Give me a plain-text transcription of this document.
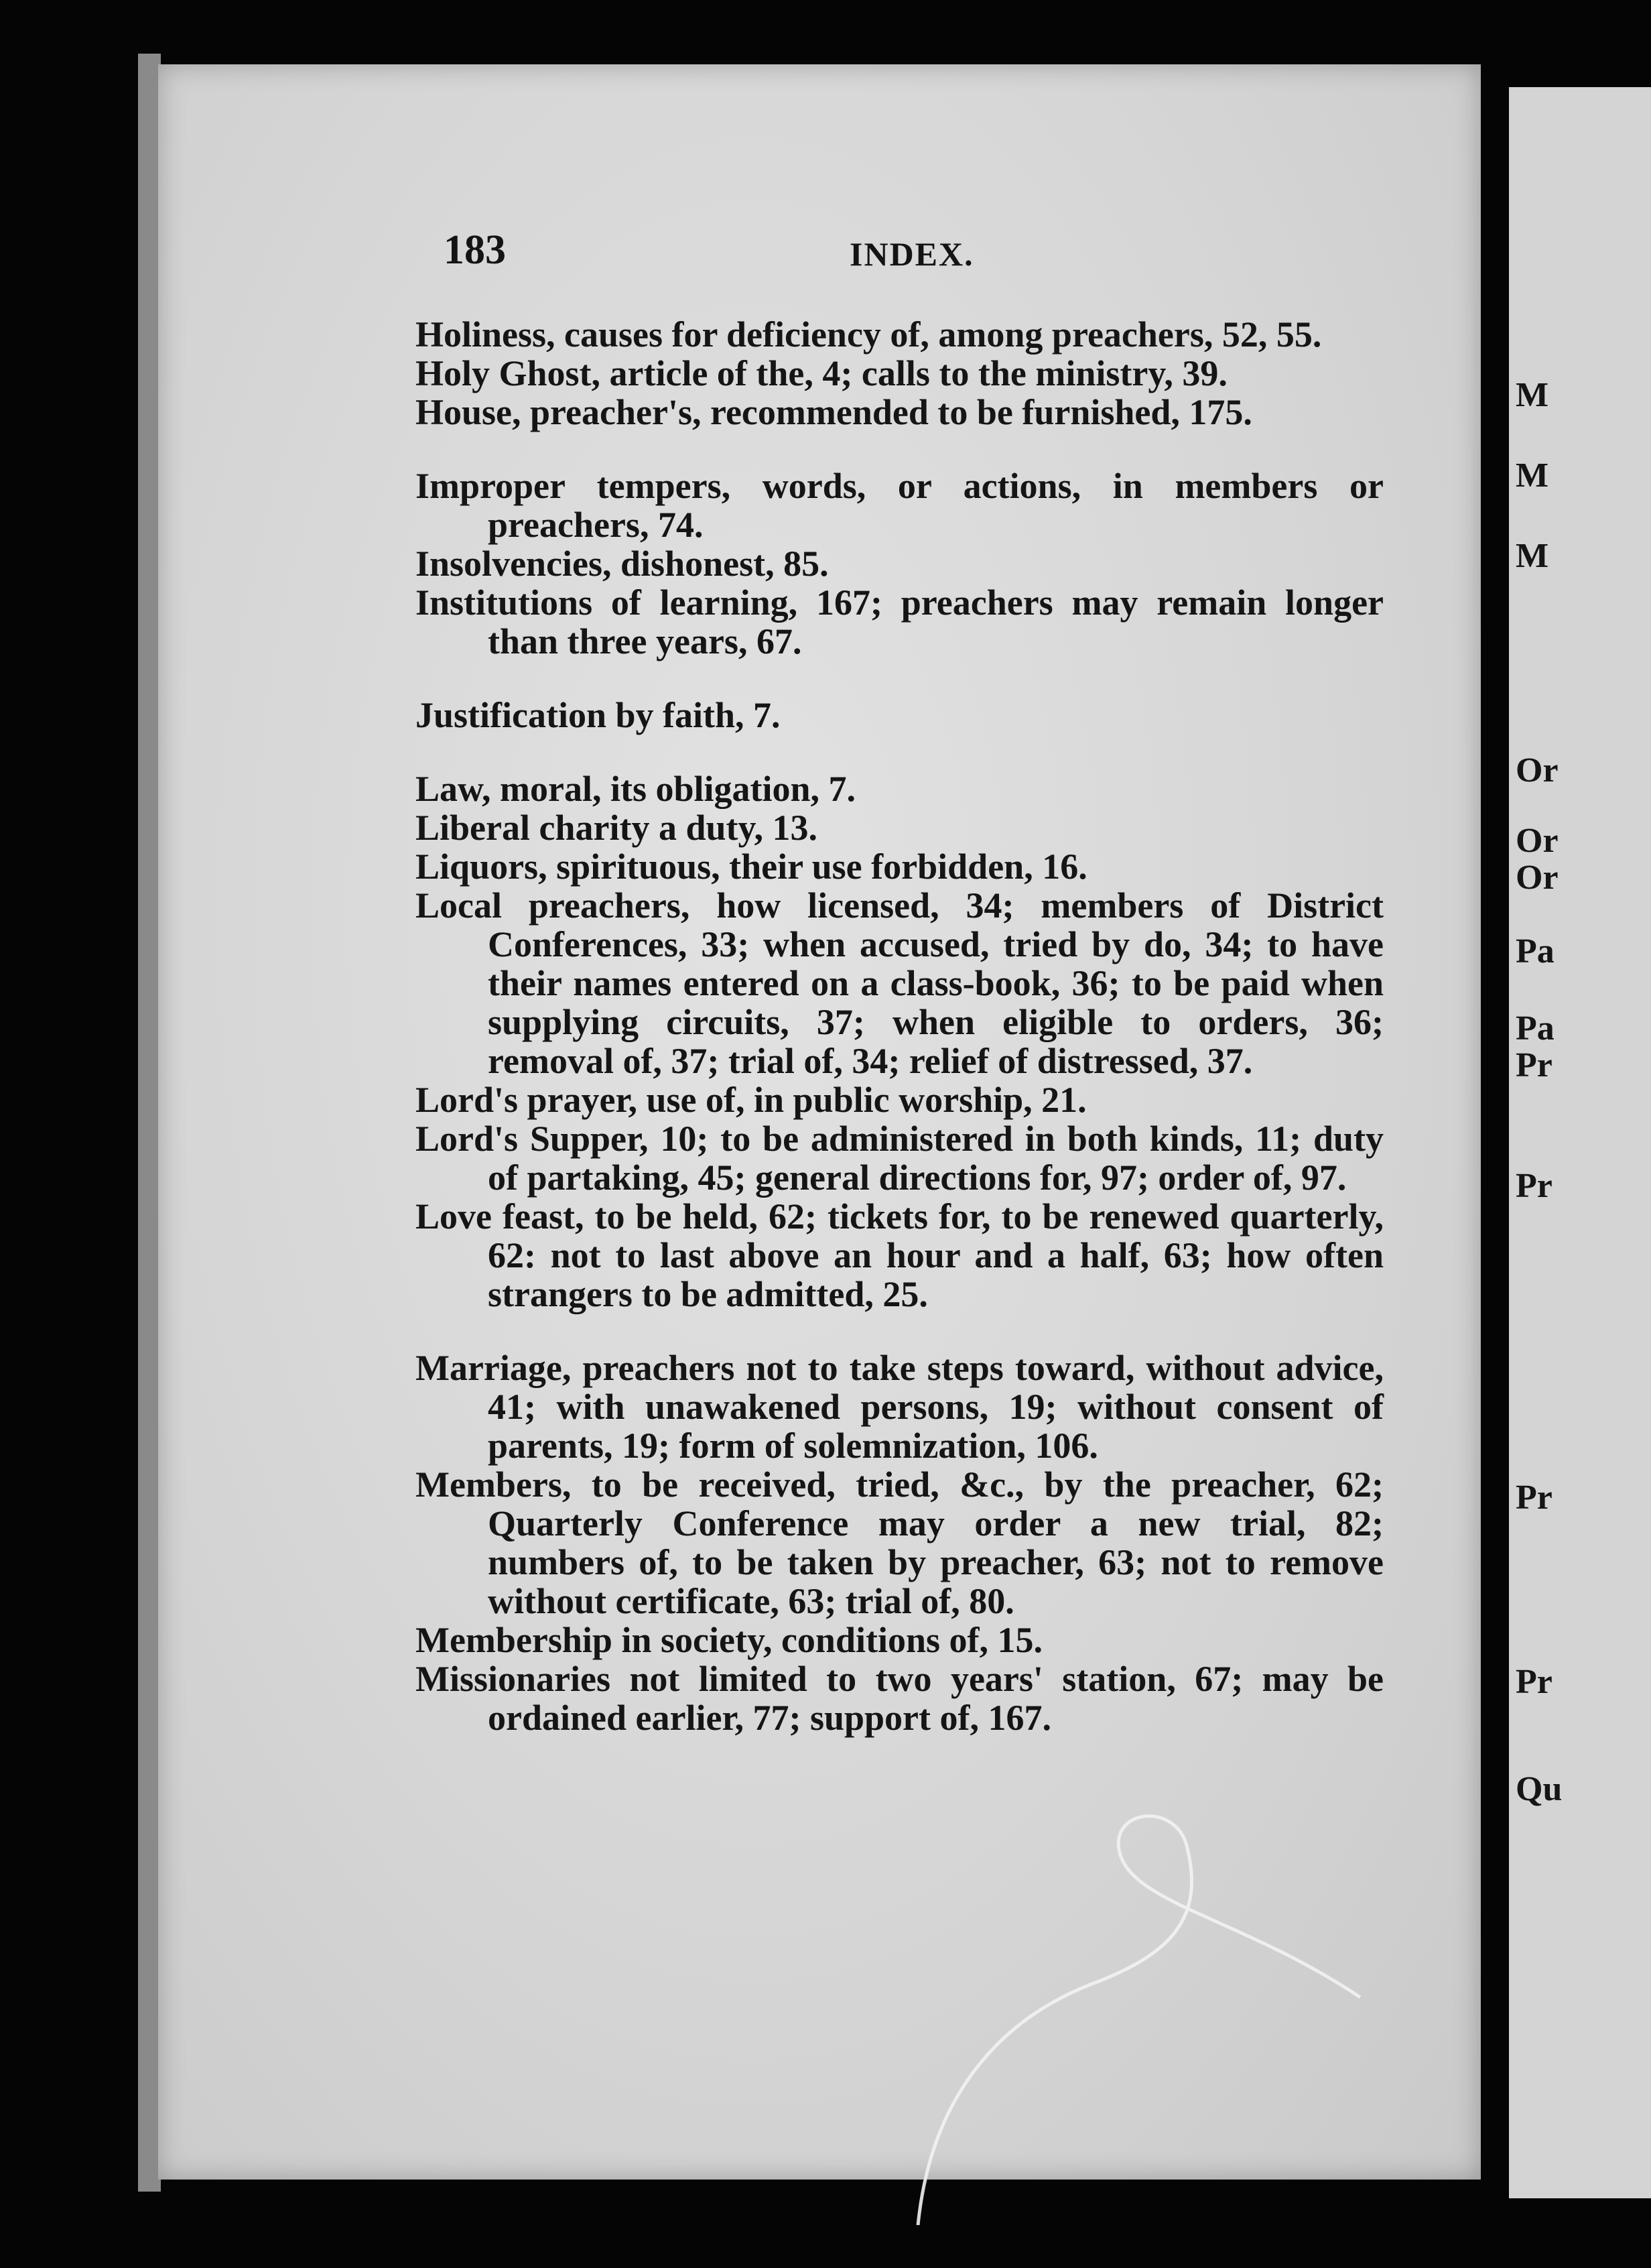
M
M
M
Or
Or
Or
Pa
Pa
Pr
Pr
Pr
Pr
Qu
183	INDEX.

Holiness, causes for deficiency of, among preachers, 52, 55.

Holy Ghost, article of the, 4; calls to the ministry, 39.

House, preacher's, recommended to be furnished, 175.

Improper tempers, words, or actions, in members or preachers, 74.

Insolvencies, dishonest, 85.

Institutions of learning, 167; preachers may remain longer than three years, 67.

Justification by faith, 7.

Law, moral, its obligation, 7.

Liberal charity a duty, 13.

Liquors, spirituous, their use forbidden, 16.

Local preachers, how licensed, 34; members of District Conferences, 33; when accused, tried by do, 34; to have their names entered on a class-book, 36; to be paid when supplying circuits, 37; when eligible to orders, 36; removal of, 37; trial of, 34; relief of distressed, 37.

Lord's prayer, use of, in public worship, 21.

Lord's Supper, 10; to be administered in both kinds, 11; duty of partaking, 45; general directions for, 97; order of, 97.

Love feast, to be held, 62; tickets for, to be renewed quarterly, 62: not to last above an hour and a half, 63; how often strangers to be admitted, 25.

Marriage, preachers not to take steps toward, without advice, 41; with unawakened persons, 19; without consent of parents, 19; form of solemnization, 106.

Members, to be received, tried, &c., by the preacher, 62; Quarterly Conference may order a new trial, 82; numbers of, to be taken by preacher, 63; not to remove without certificate, 63; trial of, 80.

Membership in society, conditions of, 15.

Missionaries not limited to two years' station, 67; may be ordained earlier, 77; support of, 167.
